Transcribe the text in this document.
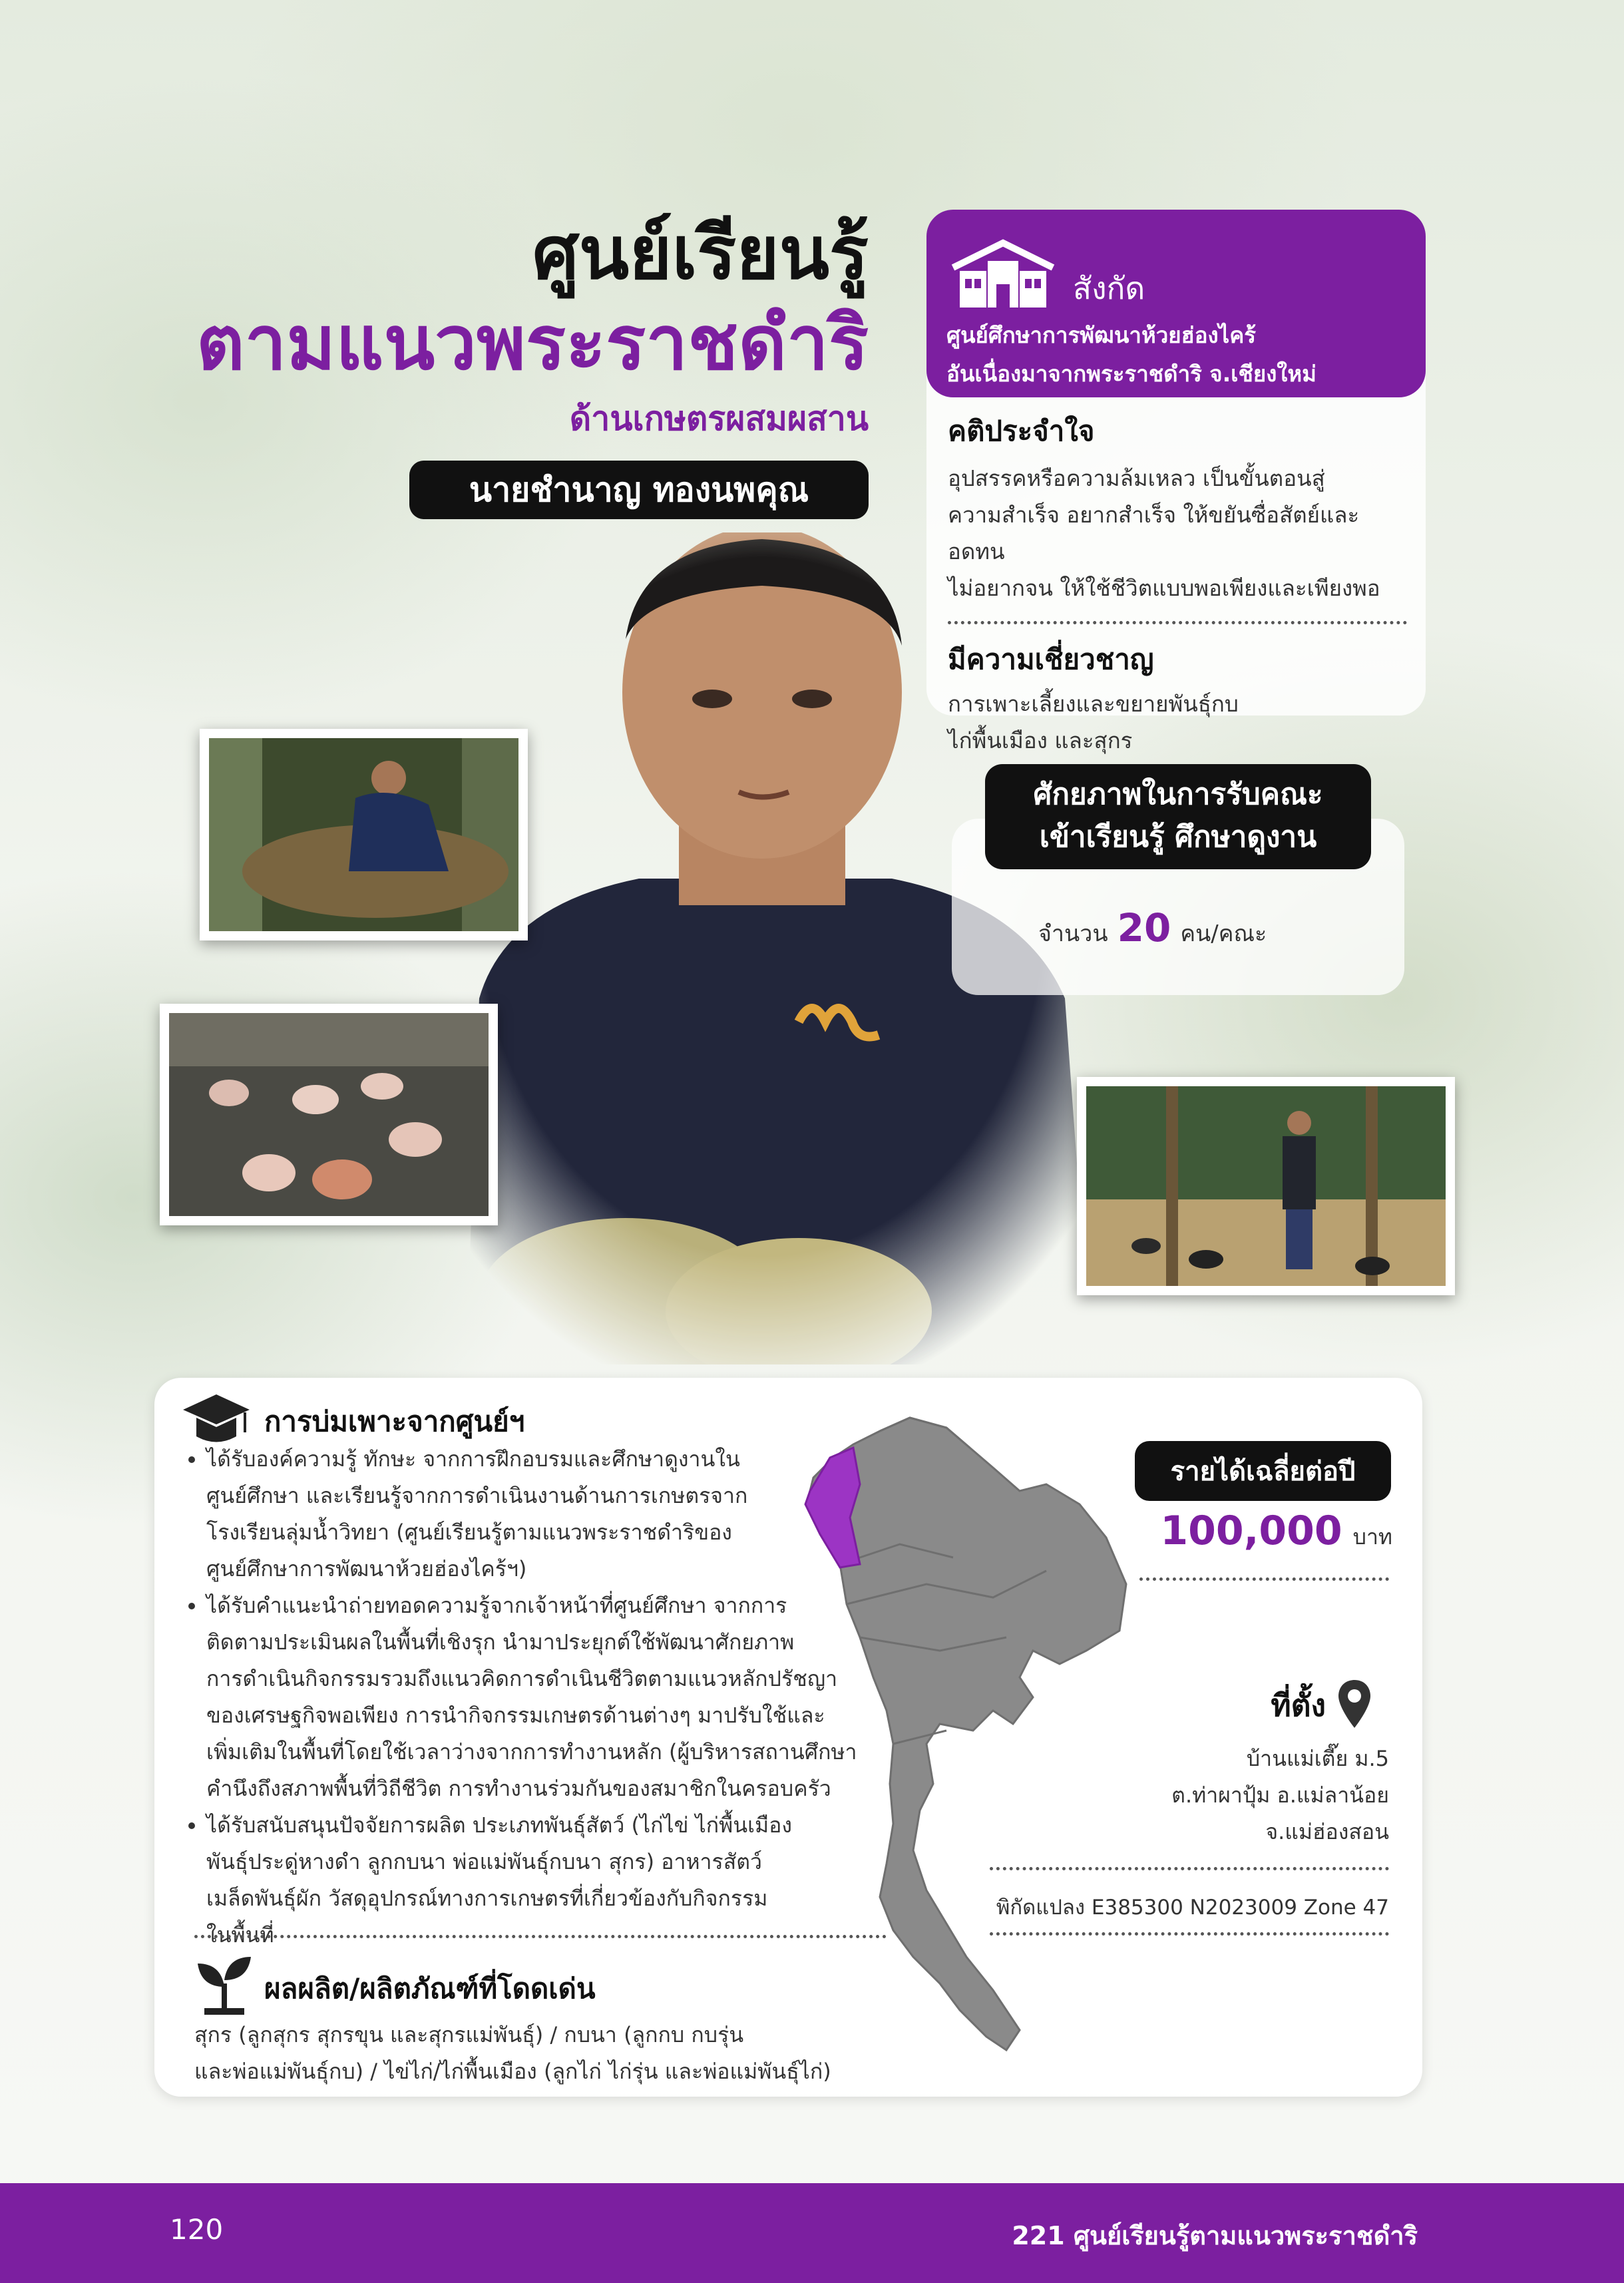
ศูนย์เรียนรู้
ตามแนวพระราชดำริ
ด้านเกษตรผสมผสาน
นายชำนาญ ทองนพคุณ
สังกัด
ศูนย์ศึกษาการพัฒนาห้วยฮ่องไคร้
อันเนื่องมาจากพระราชดำริ จ.เชียงใหม่
คติประจำใจ
อุปสรรคหรือความล้มเหลว เป็นขั้นตอนสู่
ความสำเร็จ อยากสำเร็จ ให้ขยันซื่อสัตย์และอดทน
ไม่อยากจน ให้ใช้ชีวิตแบบพอเพียงและเพียงพอ
มีความเชี่ยวชาญ
การเพาะเลี้ยงและขยายพันธุ์กบ
ไก่พื้นเมือง และสุกร
จำนวน 20 คน/คณะ
ศักยภาพในการรับคณะ
เข้าเรียนรู้ ศึกษาดูงาน
การบ่มเพาะจากศูนย์ฯ
• ได้รับองค์ความรู้ ทักษะ จากการฝึกอบรมและศึกษาดูงานใน
ศูนย์ศึกษา และเรียนรู้จากการดำเนินงานด้านการเกษตรจาก
โรงเรียนลุ่มน้ำวิทยา (ศูนย์เรียนรู้ตามแนวพระราชดำริของ
ศูนย์ศึกษาการพัฒนาห้วยฮ่องไคร้ฯ)
• ได้รับคำแนะนำถ่ายทอดความรู้จากเจ้าหน้าที่ศูนย์ศึกษา จากการ
ติดตามประเมินผลในพื้นที่เชิงรุก นำมาประยุกต์ใช้พัฒนาศักยภาพ
การดำเนินกิจกรรมรวมถึงแนวคิดการดำเนินชีวิตตามแนวหลักปรัชญา
ของเศรษฐกิจพอเพียง การนำกิจกรรมเกษตรด้านต่างๆ มาปรับใช้และ
เพิ่มเติมในพื้นที่โดยใช้เวลาว่างจากการทำงานหลัก (ผู้บริหารสถานศึกษา
คำนึงถึงสภาพพื้นที่วิถีชีวิต การทำงานร่วมกันของสมาชิกในครอบครัว
• ได้รับสนับสนุนปัจจัยการผลิต ประเภทพันธุ์สัตว์ (ไก่ไข่ ไก่พื้นเมือง
พันธุ์ประดู่หางดำ ลูกกบนา พ่อแม่พันธุ์กบนา สุกร) อาหารสัตว์
เมล็ดพันธุ์ผัก วัสดุอุปกรณ์ทางการเกษตรที่เกี่ยวข้องกับกิจกรรม
ในพื้นที่
ผลผลิต/ผลิตภัณฑ์ที่โดดเด่น
สุกร (ลูกสุกร สุกรขุน และสุกรแม่พันธุ์) / กบนา (ลูกกบ กบรุ่น
และพ่อแม่พันธุ์กบ) / ไข่ไก่/ไก่พื้นเมือง (ลูกไก่ ไก่รุ่น และพ่อแม่พันธุ์ไก่)
ที่ตั้ง
บ้านแม่เตี๊ย ม.5
ต.ท่าผาปุ้ม อ.แม่ลาน้อย
จ.แม่ฮ่องสอน
พิกัดแปลง E385300 N2023009 Zone 47
100,000 บาท
รายได้เฉลี่ยต่อปี
120	221 ศูนย์เรียนรู้ตามแนวพระราชดำริ
